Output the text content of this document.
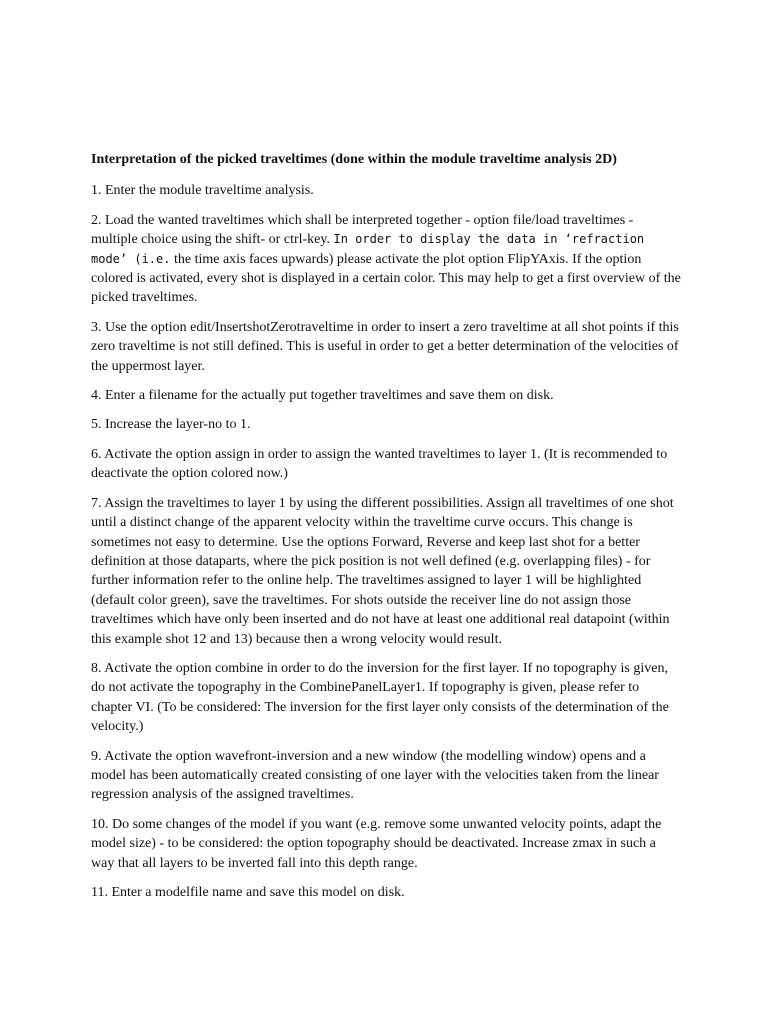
Interpretation of the picked traveltimes (done within the module traveltime analysis 2D)

1. Enter the module traveltime analysis.

2. Load the wanted traveltimes which shall be interpreted together - option file/load traveltimes - multiple choice using the shift- or ctrl-key. In order to display the data in ‘refraction mode’ (i.e. the time axis faces upwards) please activate the plot option FlipYAxis. If the option colored is activated, every shot is displayed in a certain color. This may help to get a first overview of the picked traveltimes.

3. Use the option edit/InsertshotZerotraveltime in order to insert a zero traveltime at all shot points if this zero traveltime is not still defined. This is useful in order to get a better determination of the velocities of the uppermost layer.

4. Enter a filename for the actually put together traveltimes and save them on disk.

5. Increase the layer-no to 1.

6. Activate the option assign in order to assign the wanted traveltimes to layer 1. (It is recommended to deactivate the option colored now.)

7. Assign the traveltimes to layer 1 by using the different possibilities. Assign all traveltimes of one shot until a distinct change of the apparent velocity within the traveltime curve occurs. This change is sometimes not easy to determine. Use the options Forward, Reverse and keep last shot for a better definition at those dataparts, where the pick position is not well defined (e.g. overlapping files) - for further information refer to the online help. The traveltimes assigned to layer 1 will be highlighted (default color green), save the traveltimes. For shots outside the receiver line do not assign those traveltimes which have only been inserted and do not have at least one additional real datapoint (within this example shot 12 and 13) because then a wrong velocity would result.

8. Activate the option combine in order to do the inversion for the first layer. If no topography is given, do not activate the topography in the CombinePanelLayer1. If topography is given, please refer to chapter VI. (To be considered: The inversion for the first layer only consists of the determination of the velocity.)

9. Activate the option wavefront-inversion and a new window (the modelling window) opens and a model has been automatically created consisting of one layer with the velocities taken from the linear regression analysis of the assigned traveltimes.

10. Do some changes of the model if you want (e.g. remove some unwanted velocity points, adapt the model size) - to be considered: the option topography should be deactivated. Increase zmax in such a way that all layers to be inverted fall into this depth range.

11. Enter a modelfile name and save this model on disk.
